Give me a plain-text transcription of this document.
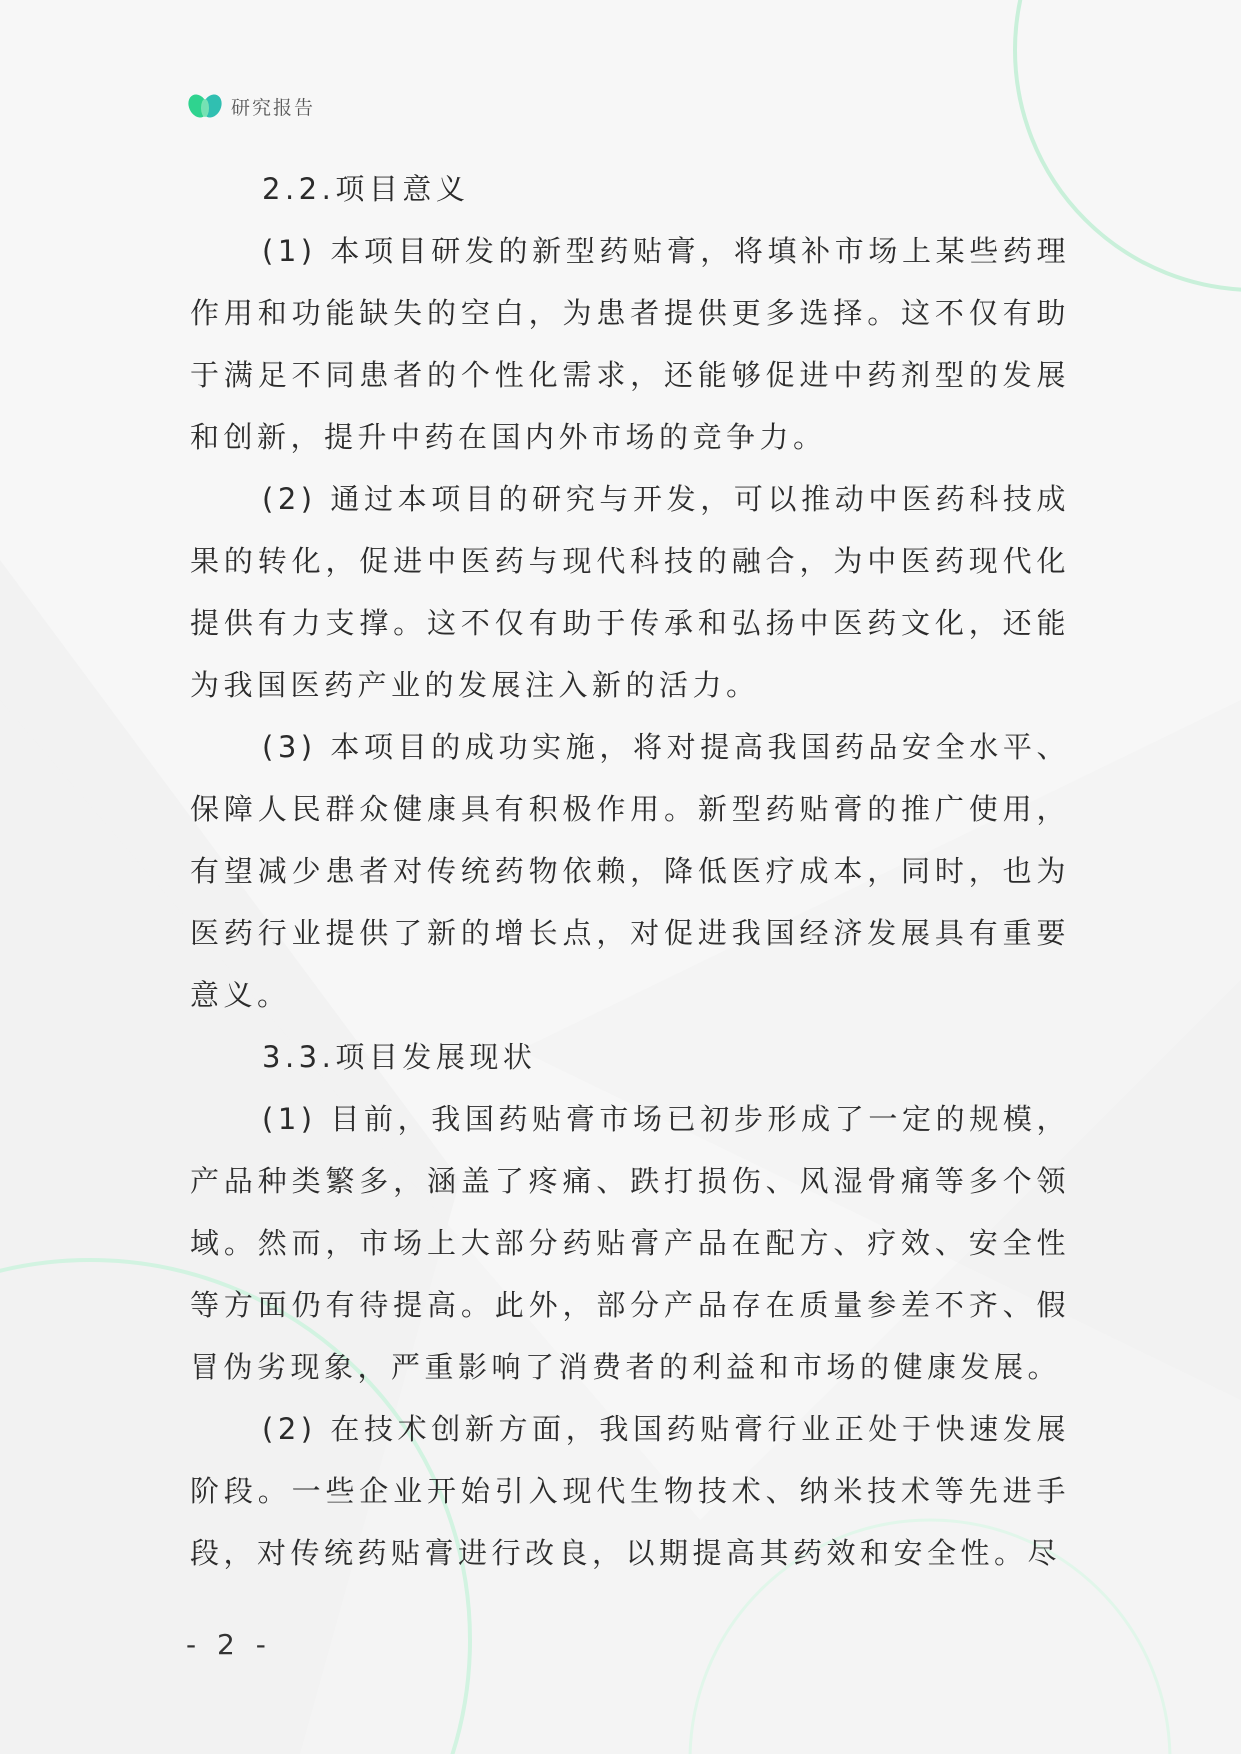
研究报告

2.2.项目意义

(1) 本项目研发的新型药贴膏，将填补市场上某些药理作用和功能缺失的空白，为患者提供更多选择。这不仅有助于满足不同患者的个性化需求，还能够促进中药剂型的发展和创新，提升中药在国内外市场的竞争力。

(2) 通过本项目的研究与开发，可以推动中医药科技成果的转化，促进中医药与现代科技的融合，为中医药现代化提供有力支撑。这不仅有助于传承和弘扬中医药文化，还能为我国医药产业的发展注入新的活力。

(3) 本项目的成功实施，将对提高我国药品安全水平、保障人民群众健康具有积极作用。新型药贴膏的推广使用，有望减少患者对传统药物依赖，降低医疗成本，同时，也为医药行业提供了新的增长点，对促进我国经济发展具有重要意义。

3.3.项目发展现状

(1) 目前，我国药贴膏市场已初步形成了一定的规模，产品种类繁多，涵盖了疼痛、跌打损伤、风湿骨痛等多个领域。然而，市场上大部分药贴膏产品在配方、疗效、安全性等方面仍有待提高。此外，部分产品存在质量参差不齐、假冒伪劣现象，严重影响了消费者的利益和市场的健康发展。

(2) 在技术创新方面，我国药贴膏行业正处于快速发展阶段。一些企业开始引入现代生物技术、纳米技术等先进手段，对传统药贴膏进行改良，以期提高其药效和安全性。尽

- 2 -
